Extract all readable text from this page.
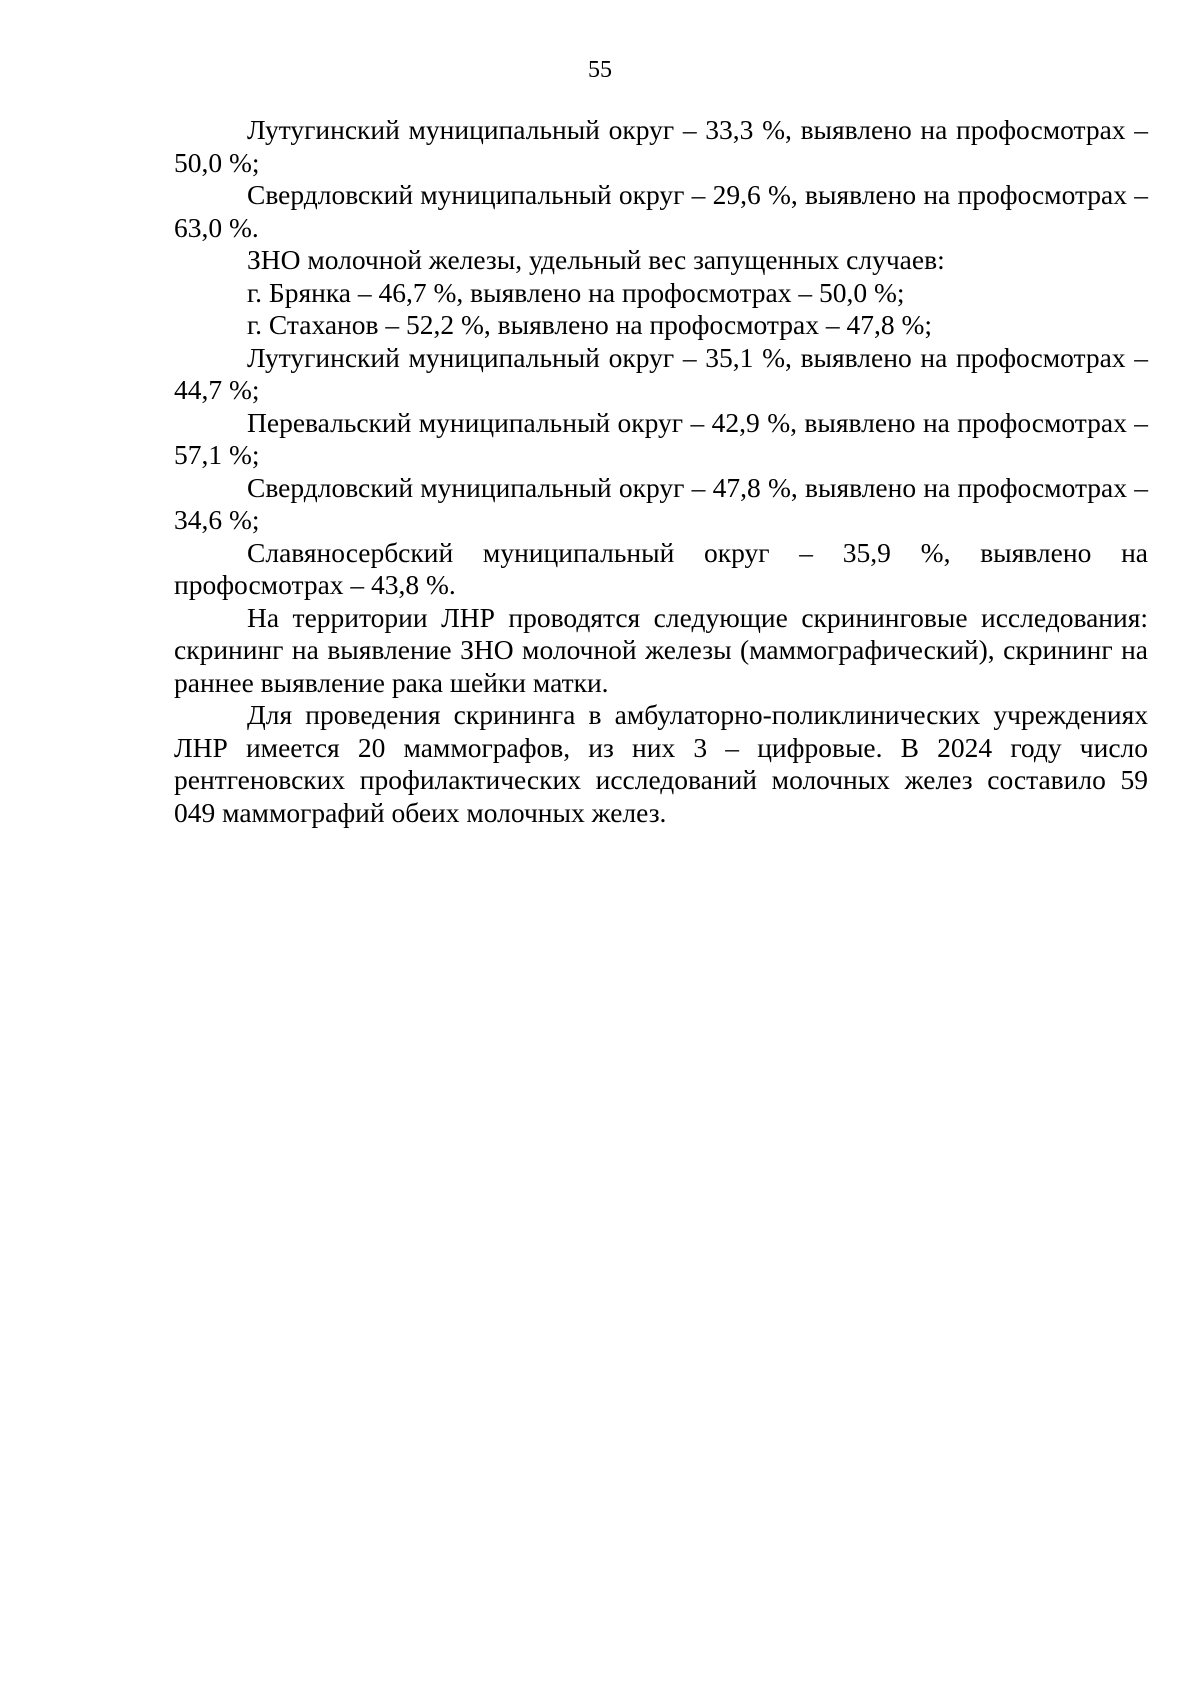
55

Лутугинский муниципальный округ – 33,3 %, выявлено на профосмотрах – 50,0 %;

Свердловский муниципальный округ – 29,6 %, выявлено на профосмотрах – 63,0 %.

ЗНО молочной железы, удельный вес запущенных случаев:

г. Брянка – 46,7 %, выявлено на профосмотрах – 50,0 %;

г. Стаханов – 52,2 %, выявлено на профосмотрах – 47,8 %;

Лутугинский муниципальный округ – 35,1 %, выявлено на профосмотрах – 44,7 %;

Перевальский муниципальный округ – 42,9 %, выявлено на профосмотрах – 57,1 %;

Свердловский муниципальный округ – 47,8 %, выявлено на профосмотрах – 34,6 %;

Славяносербский муниципальный округ – 35,9 %, выявлено на профосмотрах – 43,8 %.

На территории ЛНР проводятся следующие скрининговые исследования: скрининг на выявление ЗНО молочной железы (маммографический), скрининг на раннее выявление рака шейки матки.

Для проведения скрининга в амбулаторно-поликлинических учреждениях ЛНР имеется 20 маммографов, из них 3 – цифровые. В 2024 году число рентгеновских профилактических исследований молочных желез составило 59 049 маммографий обеих молочных желез.
